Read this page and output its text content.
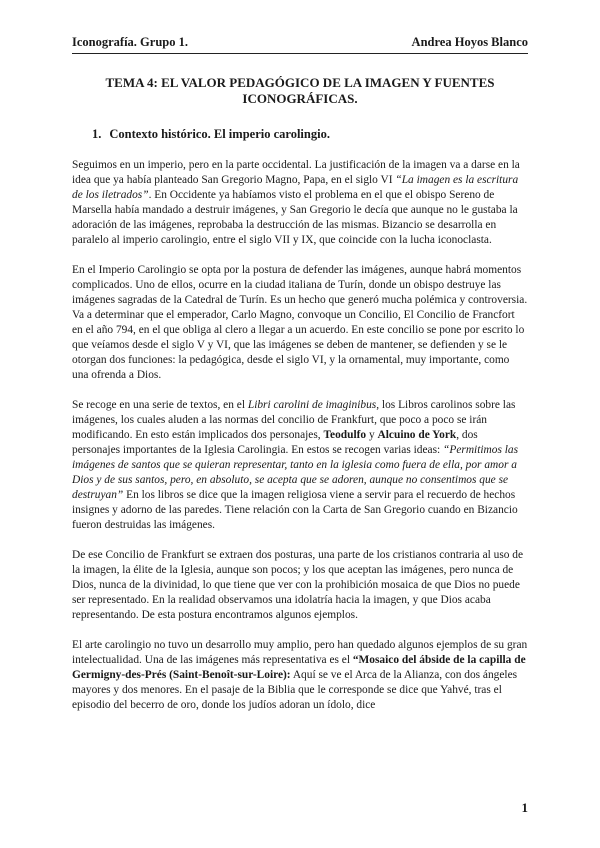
Iconografía. Grupo 1.	Andrea Hoyos Blanco
TEMA 4: EL VALOR PEDAGÓGICO DE LA IMAGEN Y FUENTES
ICONOGRÁFICAS.
1. Contexto histórico. El imperio carolingio.

Seguimos en un imperio, pero en la parte occidental. La justificación de la imagen va a darse en la idea que ya había planteado San Gregorio Magno, Papa, en el siglo VI “La imagen es la escritura de los iletrados”. En Occidente ya habíamos visto el problema en el que el obispo Sereno de Marsella había mandado a destruir imágenes, y San Gregorio le decía que aunque no le gustaba la adoración de las imágenes, reprobaba la destrucción de las mismas. Bizancio se desarrolla en paralelo al imperio carolingio, entre el siglo VII y IX, que coincide con la lucha iconoclasta.

En el Imperio Carolingio se opta por la postura de defender las imágenes, aunque habrá momentos complicados. Uno de ellos, ocurre en la ciudad italiana de Turín, donde un obispo destruye las imágenes sagradas de la Catedral de Turín. Es un hecho que generó mucha polémica y controversia. Va a determinar que el emperador, Carlo Magno, convoque un Concilio, El Concilio de Francfort en el año 794, en el que obliga al clero a llegar a un acuerdo. En este concilio se pone por escrito lo que veíamos desde el siglo V y VI, que las imágenes se deben de mantener, se defienden y se le otorgan dos funciones: la pedagógica, desde el siglo VI, y la ornamental, muy importante, como una ofrenda a Dios.

Se recoge en una serie de textos, en el Libri carolini de imaginibus, los Libros carolinos sobre las imágenes, los cuales aluden a las normas del concilio de Frankfurt, que poco a poco se irán modificando. En esto están implicados dos personajes, Teodulfo y Alcuino de York, dos personajes importantes de la Iglesia Carolingia. En estos se recogen varias ideas: “Permitimos las imágenes de santos que se quieran representar, tanto en la iglesia como fuera de ella, por amor a Dios y de sus santos, pero, en absoluto, se acepta que se adoren, aunque no consentimos que se destruyan” En los libros se dice que la imagen religiosa viene a servir para el recuerdo de hechos insignes y adorno de las paredes. Tiene relación con la Carta de San Gregorio cuando en Bizancio fueron destruidas las imágenes.

De ese Concilio de Frankfurt se extraen dos posturas, una parte de los cristianos contraria al uso de la imagen, la élite de la Iglesia, aunque son pocos; y los que aceptan las imágenes, pero nunca de Dios, nunca de la divinidad, lo que tiene que ver con la prohibición mosaica de que Dios no puede ser representado. En la realidad observamos una idolatría hacia la imagen, y que Dios acaba representando. De esta postura encontramos algunos ejemplos.

El arte carolingio no tuvo un desarrollo muy amplio, pero han quedado algunos ejemplos de su gran intelectualidad. Una de las imágenes más representativa es el “Mosaico del ábside de la capilla de Germigny-des-Prés (Saint-Benoît-sur-Loire): Aquí se ve el Arca de la Alianza, con dos ángeles mayores y dos menores. En el pasaje de la Biblia que le corresponde se dice que Yahvé, tras el episodio del becerro de oro, donde los judíos adoran un ídolo, dice

1
